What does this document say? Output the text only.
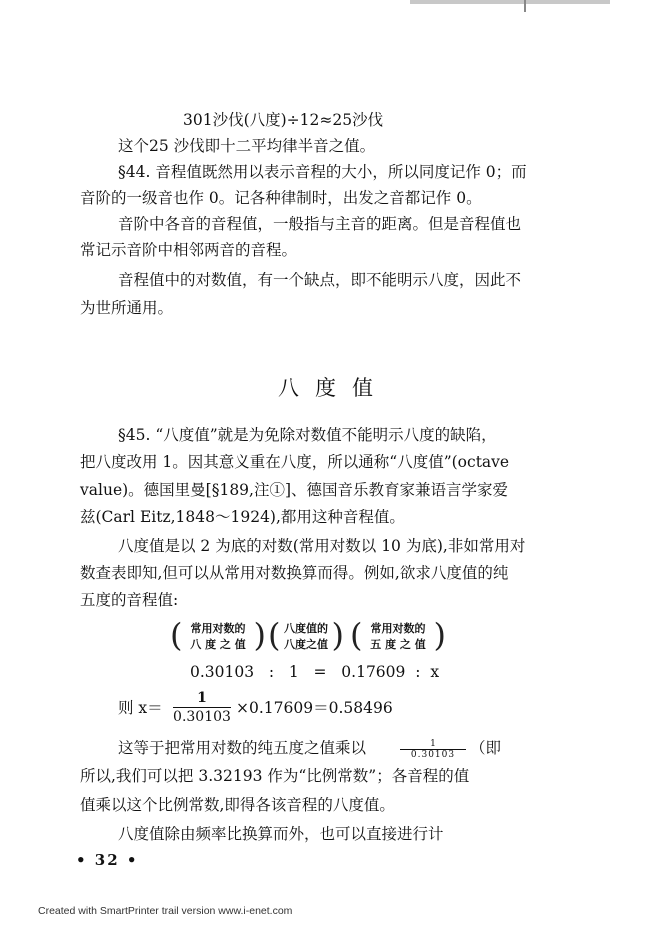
301沙伐(八度)÷12≈25沙伐
这个25 沙伐即十二平均律半音之值。
§44. 音程值既然用以表示音程的大小，所以同度记作 0；而
音阶的一级音也作 0。记各种律制时，出发之音都记作 0。
音阶中各音的音程值，一般指与主音的距离。但是音程值也
常记示音阶中相邻两音的音程。
音程值中的对数值，有一个缺点，即不能明示八度，因此不
为世所通用。
八度值
§45. “八度值”就是为免除对数值不能明示八度的缺陷，
把八度改用 1。因其意义重在八度，所以通称“八度值”(octave
value)。德国里曼[§189,注①]、德国音乐教育家兼语言学家爱
兹(Carl Eitz,1848～1924),都用这种音程值。
八度值是以 2 为底的对数(常用对数以 10 为底),非如常用对
数查表即知,但可以从常用对数换算而得。例如,欲求八度值的纯
五度的音程值:
( )
常用对数的
八 度 之 值 ( )
八度值的
八度之值 ( )
常用对数的
五 度 之 值
0.30103   :   1   =   0.17609  :  x
则 x＝
1
0.30103 ×0.17609＝0.58496
这等于把常用对数的纯五度之值乘以	1
0.30103 （即
所以,我们可以把 3.32193 作为“比例常数”；各音程的⁠值
值乘以这个比例常数,即得各该音程的八度值。
八度值除由频率比换算而外，也可以直接进行计
• 32 •
Created with SmartPrinter trail version www.i-enet.com
